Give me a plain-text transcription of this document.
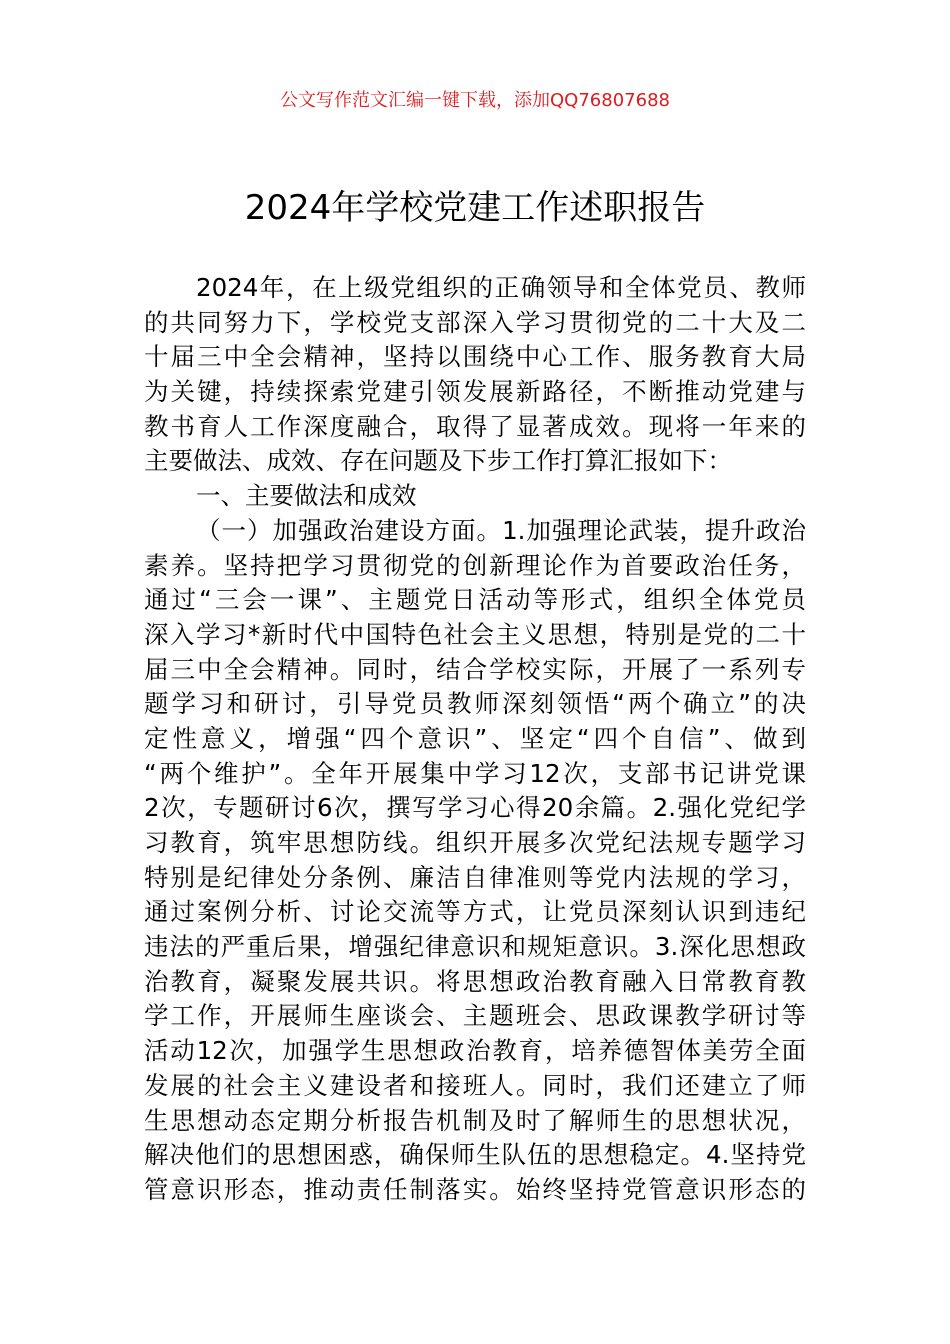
公文写作范文汇编一键下载，添加QQ76807688
2024年学校党建工作述职报告
2024年，在上级党组织的正确领导和全体党员、教师
的共同努力下，学校党支部深入学习贯彻党的二十大及二
十届三中全会精神，坚持以围绕中心工作、服务教育大局
为关键，持续探索党建引领发展新路径，不断推动党建与
教书育人工作深度融合，取得了显著成效。现将一年来的
主要做法、成效、存在问题及下步工作打算汇报如下：
一、主要做法和成效
（一）加强政治建设方面。1.加强理论武装，提升政治
素养。坚持把学习贯彻党的创新理论作为首要政治任务，
通过“三会一课”、主题党日活动等形式，组织全体党员
深入学习*新时代中国特色社会主义思想，特别是党的二十
届三中全会精神。同时，结合学校实际，开展了一系列专
题学习和研讨，引导党员教师深刻领悟“两个确立”的决
定性意义，增强“四个意识”、坚定“四个自信”、做到
“两个维护”。全年开展集中学习12次，支部书记讲党课
2次，专题研讨6次，撰写学习心得20余篇。2.强化党纪学
习教育，筑牢思想防线。组织开展多次党纪法规专题学习
特别是纪律处分条例、廉洁自律准则等党内法规的学习，
通过案例分析、讨论交流等方式，让党员深刻认识到违纪
违法的严重后果，增强纪律意识和规矩意识。3.深化思想政
治教育，凝聚发展共识。将思想政治教育融入日常教育教
学工作，开展师生座谈会、主题班会、思政课教学研讨等
活动12次，加强学生思想政治教育，培养德智体美劳全面
发展的社会主义建设者和接班人。同时，我们还建立了师
生思想动态定期分析报告机制及时了解师生的思想状况，
解决他们的思想困惑，确保师生队伍的思想稳定。4.坚持党
管意识形态，推动责任制落实。始终坚持党管意识形态的
